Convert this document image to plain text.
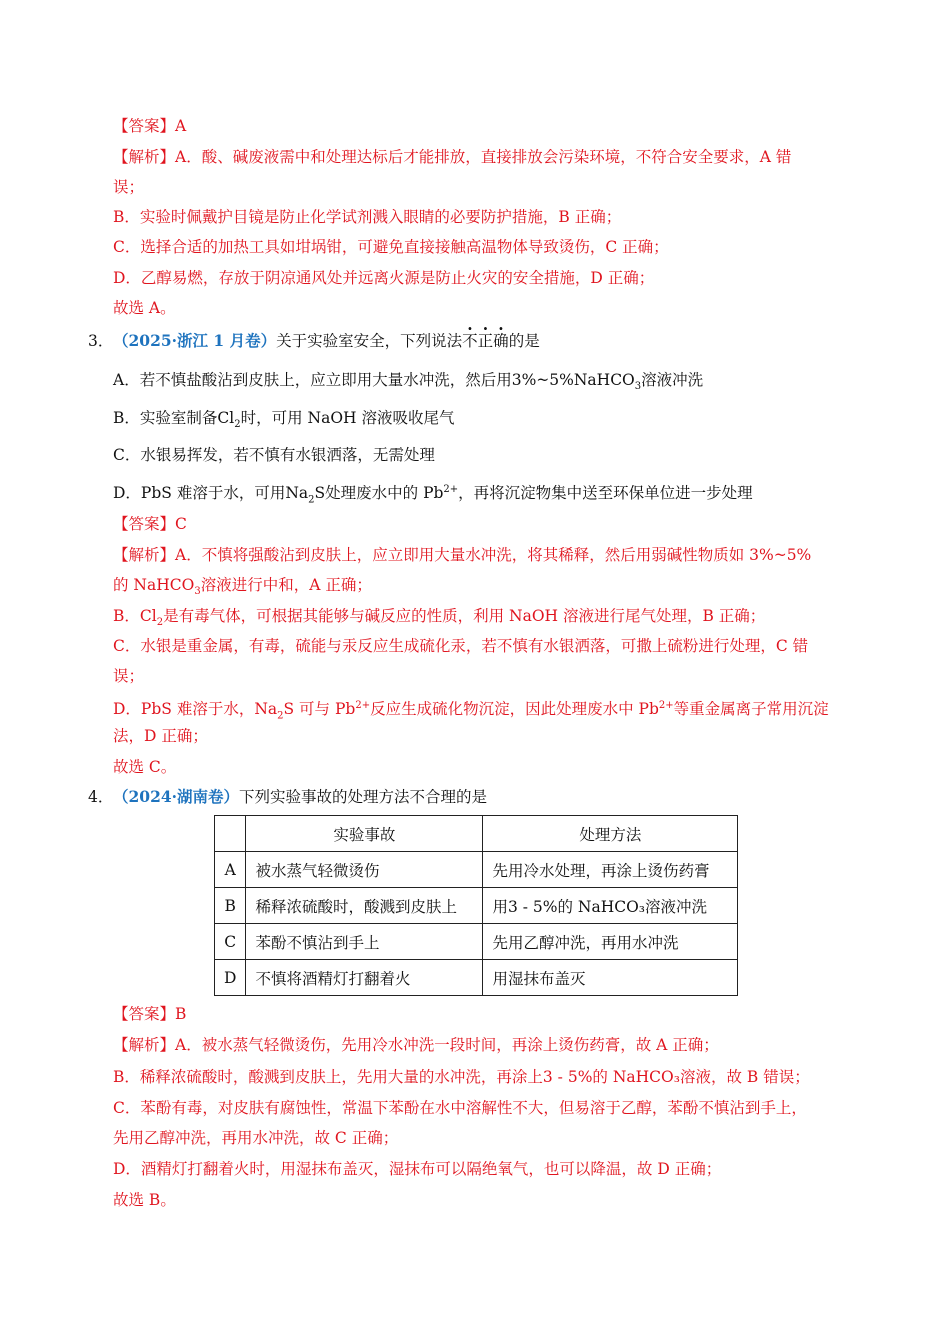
【答案】A
【解析】A．酸、碱废液需中和处理达标后才能排放，直接排放会污染环境，不符合安全要求，A 错
误；
B．实验时佩戴护目镜是防止化学试剂溅入眼睛的必要防护措施，B 正确；
C．选择合适的加热工具如坩埚钳，可避免直接接触高温物体导致烫伤，C 正确；
D．乙醇易燃，存放于阴凉通风处并远离火源是防止火灾的安全措施，D 正确；
故选 A。
3． （2025·浙江 1 月卷）关于实验室安全，下列说法不正确的是
A．若不慎盐酸沾到皮肤上，应立即用大量水冲洗，然后用3%~5%NaHCO$_3$溶液冲洗
B．实验室制备$Cl_2$时，可用 NaOH 溶液吸收尾气
C．水银易挥发，若不慎有水银洒落，无需处理
D．PbS 难溶于水，可用$Na_2S$处理废水中的 $Pb^{2+}$，再将沉淀物集中送至环保单位进一步处理
【答案】C
【解析】A．不慎将强酸沾到皮肤上，应立即用大量水冲洗，将其稀释，然后用弱碱性物质如 3%~5%
的 NaHCO$_3$溶液进行中和，A 正确；
B．$Cl_2$是有毒气体，可根据其能够与碱反应的性质，利用 NaOH 溶液进行尾气处理，B 正确；
C．水银是重金属，有毒，硫能与汞反应生成硫化汞，若不慎有水银洒落，可撒上硫粉进行处理，C 错
误；
D．PbS 难溶于水，$Na_2S$ 可与 $Pb^{2+}$反应生成硫化物沉淀，因此处理废水中 $Pb^{2+}$等重金属离子常用沉淀
法，D 正确；
故选 C。
4． （2024·湖南卷）下列实验事故的处理方法不合理的是
	实验事故	处理方法
A	被水蒸气轻微烫伤	先用冷水处理，再涂上烫伤药膏
B	稀释浓硫酸时，酸溅到皮肤上	用3 - 5%的 NaHCO₃溶液冲洗
C	苯酚不慎沾到手上	先用乙醇冲洗，再用水冲洗
D	不慎将酒精灯打翻着火	用湿抹布盖灭
【答案】B
【解析】A．被水蒸气轻微烫伤，先用冷水冲洗一段时间，再涂上烫伤药膏，故 A 正确；
B．稀释浓硫酸时，酸溅到皮肤上，先用大量的水冲洗，再涂上3 - 5%的 NaHCO₃溶液，故 B 错误；
C．苯酚有毒，对皮肤有腐蚀性，常温下苯酚在水中溶解性不大，但易溶于乙醇，苯酚不慎沾到手上，
先用乙醇冲洗，再用水冲洗，故 C 正确；
D．酒精灯打翻着火时，用湿抹布盖灭，湿抹布可以隔绝氧气，也可以降温，故 D 正确；
故选 B。
